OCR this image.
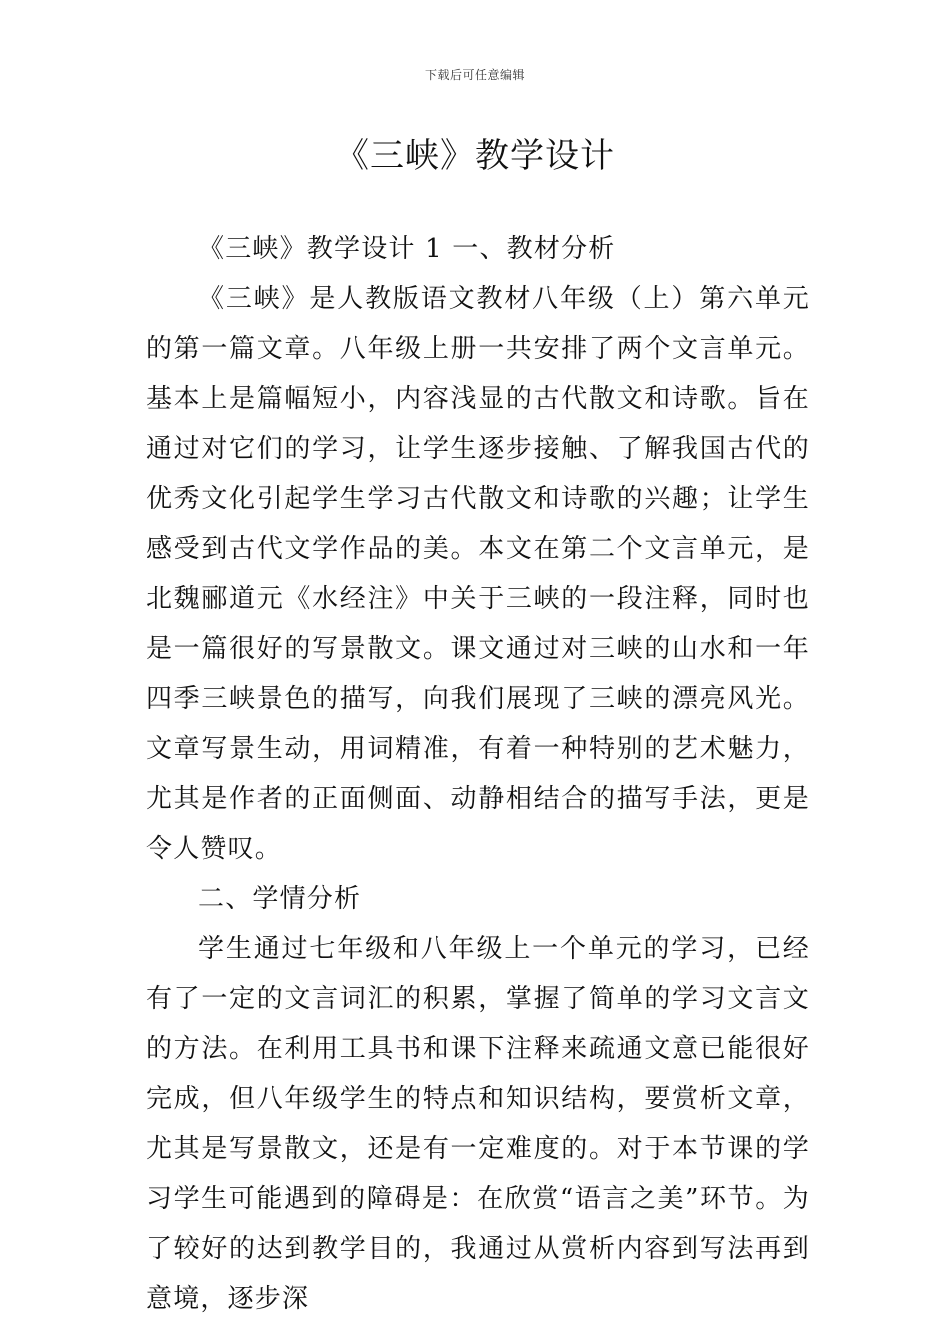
下载后可任意编辑
《三峡》教学设计

《三峡》教学设计 1 一、教材分析

《三峡》是人教版语文教材八年级（上）第六单元的第一篇文章。八年级上册一共安排了两个文言单元。基本上是篇幅短小，内容浅显的古代散文和诗歌。旨在通过对它们的学习，让学生逐步接触、了解我国古代的优秀文化引起学生学习古代散文和诗歌的兴趣；让学生感受到古代文学作品的美。本文在第二个文言单元，是北魏郦道元《水经注》中关于三峡的一段注释，同时也是一篇很好的写景散文。课文通过对三峡的山水和一年四季三峡景色的描写，向我们展现了三峡的漂亮风光。文章写景生动，用词精准，有着一种特别的艺术魅力，尤其是作者的正面侧面、动静相结合的描写手法，更是令人赞叹。

二、学情分析

学生通过七年级和八年级上一个单元的学习，已经有了一定的文言词汇的积累，掌握了简单的学习文言文的方法。在利用工具书和课下注释来疏通文意已能很好完成，但八年级学生的特点和知识结构，要赏析文章，尤其是写景散文，还是有一定难度的。对于本节课的学习学生可能遇到的障碍是：在欣赏“语言之美”环节。为了较好的达到教学目的，我通过从赏析内容到写法再到意境，逐步深
